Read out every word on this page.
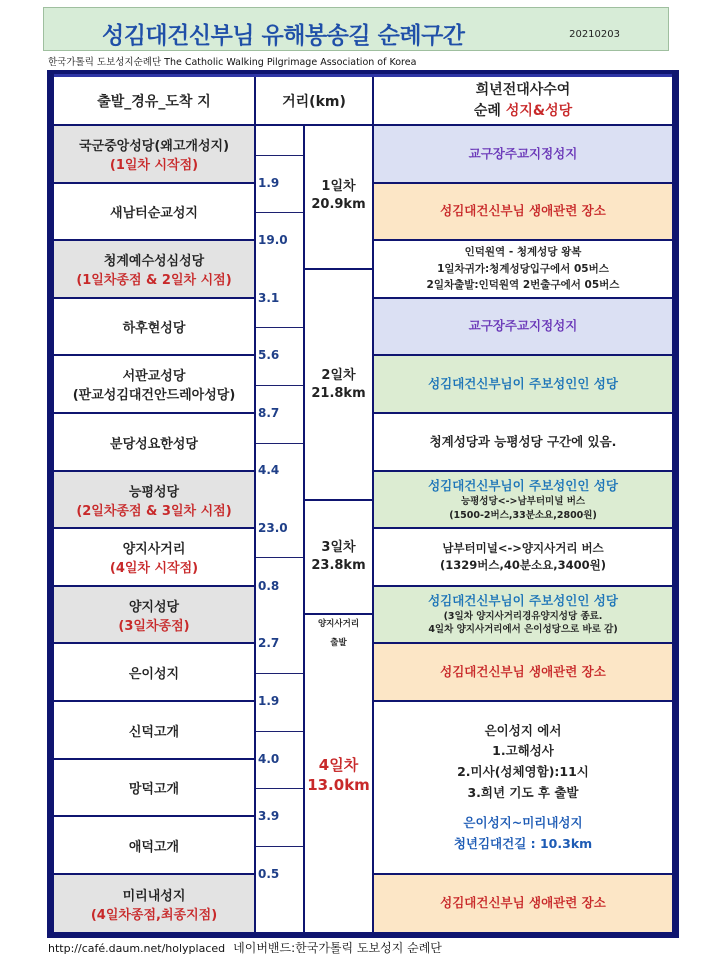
성김대건신부님 유해봉송길 순례구간	20210203
한국가톨릭 도보성지순례단 The Catholic Walking Pilgrimage Association of Korea
출발_경유_도착 지	거리(km)
희년전대사수여
순례 성지&성당
국군중앙성당(왜고개성지)
(1일차 시작점)
새남터순교성지
청계예수성심성당
(1일차종점 & 2일차 시점)
하후현성당
서판교성당
(판교성김대건안드레아성당)
분당성요한성당
능평성당
(2일차종점 & 3일차 시점)
양지사거리
(4일차 시작점)
양지성당
(3일차종점)
은이성지
신덕고개
망덕고개
애덕고개
미리내성지
(4일차종점,최종지점)
1.9
19.0
3.1
5.6
8.7
4.4
23.0
0.8
2.7
1.9
4.0
3.9
0.5
1일차
20.9km
2일차
21.8km
3일차
23.8km
양지사거리
출발
4일차
13.0km
교구장주교지정성지
성김대건신부님 생애관련 장소
인덕원역 - 청계성당 왕복
1일차귀가:청계성당입구에서 05버스
2일차출발:인덕원역 2번출구에서 05버스
교구장주교지정성지
성김대건신부님이 주보성인인 성당
청계성당과 능평성당 구간에 있음.
성김대건신부님이 주보성인인 성당
능평성당<->남부터미널 버스
(1500-2버스,33분소요,2800원)
남부터미널<->양지사거리 버스
(1329버스,40분소요,3400원)
성김대건신부님이 주보성인인 성당
(3일차 양지사거리경유양지성당 종료.
4일차 양지사거리에서 은이성당으로 바로 감)
성김대건신부님 생애관련 장소
은이성지 에서
1.고해성사
2.미사(성체영함):11시
3.희년 기도 후 출발
은이성지~미리내성지
청년김대건길 : 10.3km
성김대건신부님 생애관련 장소
http://café.daum.net/holyplaced 네이버밴드:한국가톨릭 도보성지 순례단
